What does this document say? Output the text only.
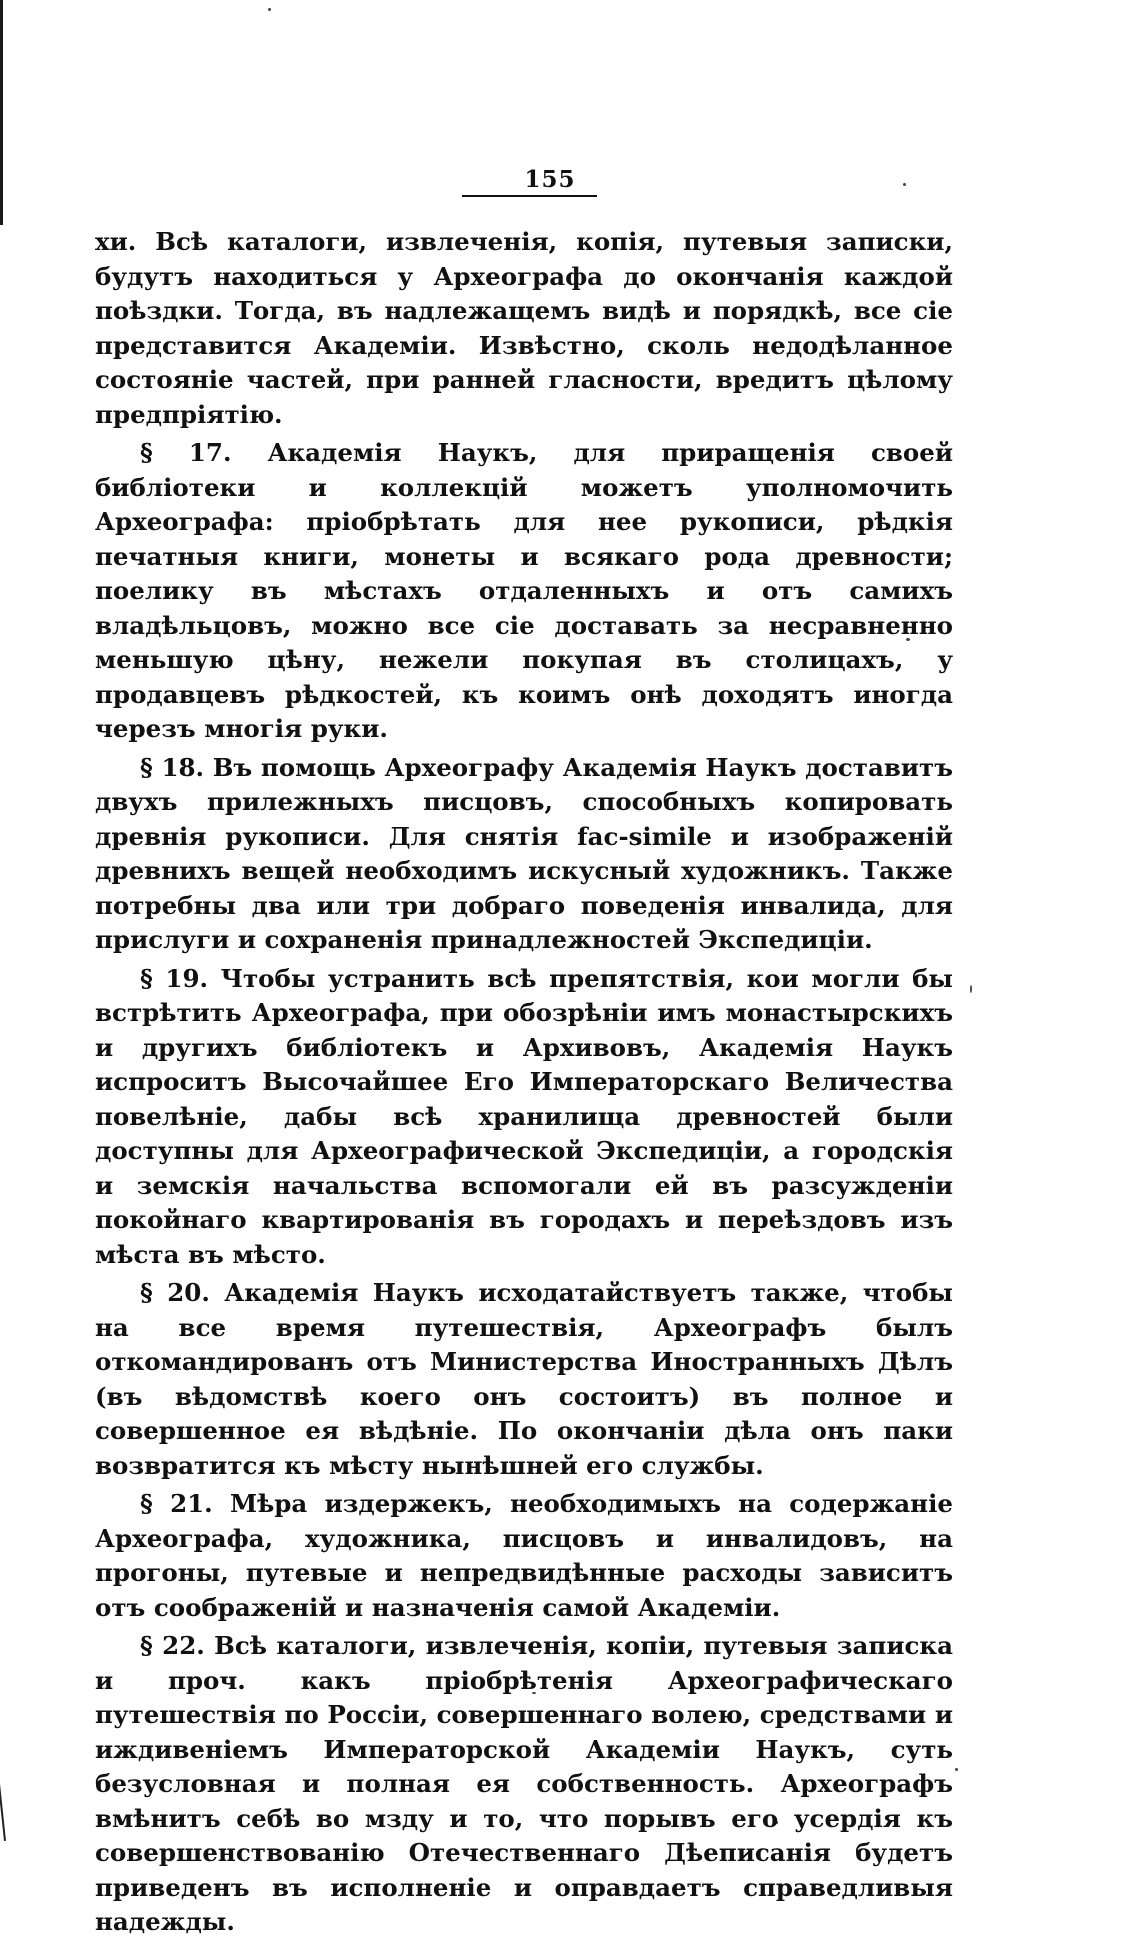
155

хи. Всѣ каталоги, извлеченія, копія, путевыя записки, будутъ находиться у Археографа до окончанія каждой поѣздки. Тогда, въ надлежащемъ видѣ и порядкѣ, все сіе представится Академіи. Извѣстно, сколь недодѣланное состояніе частей, при ранней гласности, вредитъ цѣлому предпріятію.

§ 17. Академія Наукъ, для приращенія своей библіотеки и коллекцій можетъ уполномочить Археографа: пріобрѣтать для нее рукописи, рѣдкія печатныя книги, монеты и всякаго рода древности; поелику въ мѣстахъ отдаленныхъ и отъ самихъ владѣльцовъ, можно все сіе доставать за несравненно меньшую цѣну, нежели покупая въ столицахъ, у продавцевъ рѣдкостей, къ коимъ онѣ доходятъ иногда черезъ многія руки.

§ 18. Въ помощь Археографу Академія Наукъ доставитъ двухъ прилежныхъ писцовъ, способныхъ копировать древнія рукописи. Для снятія fac-simile и изображеній древнихъ вещей необходимъ искусный художникъ. Также потребны два или три добраго поведенія инвалида, для прислуги и сохраненія принадлежностей Экспедиціи.

§ 19. Чтобы устранить всѣ препятствія, кои могли бы встрѣтить Археографа, при обозрѣніи имъ монастырскихъ и другихъ библіотекъ и Архивовъ, Академія Наукъ испроситъ Высочайшее Его Императорскаго Величества повелѣніе, дабы всѣ хранилища древностей были доступны для Археографической Экспедиціи, а городскія и земскія начальства вспомогали ей въ разсужденіи покойнаго квартированія въ городахъ и переѣздовъ изъ мѣста въ мѣсто.

§ 20. Академія Наукъ исходатайствуетъ также, чтобы на все время путешествія, Археографъ былъ откомандированъ отъ Министерства Иностранныхъ Дѣлъ (въ вѣдомствѣ коего онъ состоитъ) въ полное и совершенное ея вѣдѣніе. По окончаніи дѣла онъ паки возвратится къ мѣсту нынѣшней его службы.

§ 21. Мѣра издержекъ, необходимыхъ на содержаніе Археографа, художника, писцовъ и инвалидовъ, на прогоны, путевые и непредвидѣнные расходы зависитъ отъ соображеній и назначенія самой Академіи.

§ 22. Всѣ каталоги, извлеченія, копіи, путевыя записка и проч. какъ пріобрѣтенія Археографическаго путешествія по Россіи, совершеннаго волею, средствами и иждивеніемъ Императорской Академіи Наукъ, суть безусловная и полная ея собственность. Археографъ вмѣнитъ себѣ во мзду и то, что порывъ его усердія къ совершенствованію Отечественнаго Дѣеписанія будетъ приведенъ въ исполненіе и оправдаетъ справедливыя надежды.
